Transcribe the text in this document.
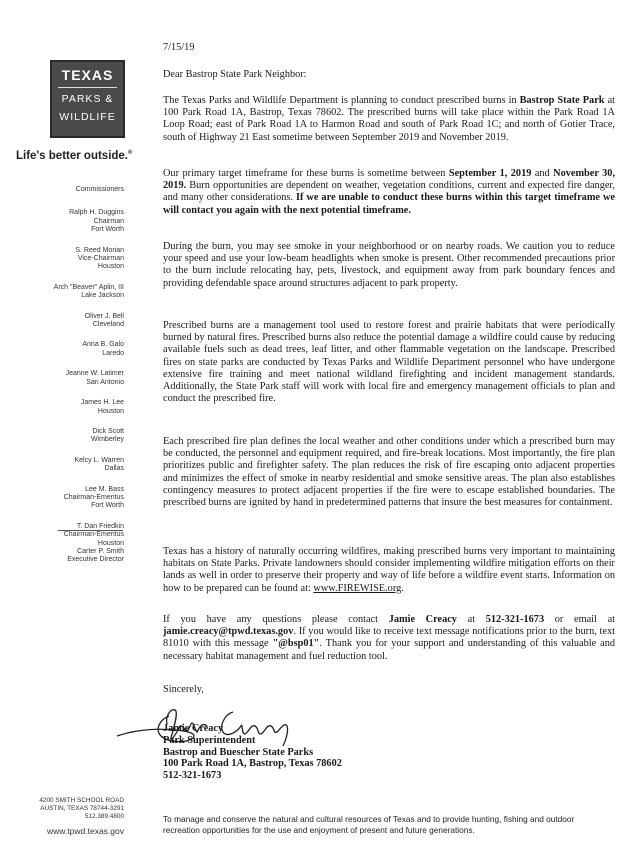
TEXAS
PARKS &
WILDLIFE
Life's better outside.®
Commissioners
Ralph H. Duggins
Chairman
Fort Worth
S. Reed Morian
Vice-Chairman
Houston
Arch "Beaver" Aplin, III
Lake Jackson
Oliver J. Bell
Cleveland
Anna B. Galo
Laredo
Jeanne W. Latimer
San Antonio
James H. Lee
Houston
Dick Scott
Wimberley
Kelcy L. Warren
Dallas
Lee M. Bass
Chairman-Emeritus
Fort Worth
T. Dan Friedkin
Chairman-Emeritus
Houston
Carter P. Smith
Executive Director
4200 SMITH SCHOOL ROAD
AUSTIN, TEXAS 78744-3291
512.389.4800
www.tpwd.texas.gov
7/15/19
Dear Bastrop State Park Neighbor:

The Texas Parks and Wildlife Department is planning to conduct prescribed burns in Bastrop State Park at 100 Park Road 1A, Bastrop, Texas 78602. The prescribed burns will take place within the Park Road 1A Loop Road; east of Park Road 1A to Harmon Road and south of Park Road 1C; and north of Gotier Trace, south of Highway 21 East sometime between September 2019 and November 2019.

Our primary target timeframe for these burns is sometime between September 1, 2019 and November 30, 2019. Burn opportunities are dependent on weather, vegetation conditions, current and expected fire danger, and many other considerations. If we are unable to conduct these burns within this target timeframe we will contact you again with the next potential timeframe.

During the burn, you may see smoke in your neighborhood or on nearby roads. We caution you to reduce your speed and use your low-beam headlights when smoke is present. Other recommended precautions prior to the burn include relocating hay, pets, livestock, and equipment away from park boundary fences and providing defendable space around structures adjacent to park property.

Prescribed burns are a management tool used to restore forest and prairie habitats that were periodically burned by natural fires. Prescribed burns also reduce the potential damage a wildfire could cause by reducing available fuels such as dead trees, leaf litter, and other flammable vegetation on the landscape. Prescribed fires on state parks are conducted by Texas Parks and Wildlife Department personnel who have undergone extensive fire training and meet national wildland firefighting and incident management standards. Additionally, the State Park staff will work with local fire and emergency management officials to plan and conduct the prescribed fire.

Each prescribed fire plan defines the local weather and other conditions under which a prescribed burn may be conducted, the personnel and equipment required, and fire-break locations. Most importantly, the fire plan prioritizes public and firefighter safety. The plan reduces the risk of fire escaping onto adjacent properties and minimizes the effect of smoke in nearby residential and smoke sensitive areas. The plan also establishes contingency measures to protect adjacent properties if the fire were to escape established boundaries. The prescribed burns are ignited by hand in predetermined patterns that insure the best measures for containment.

Texas has a history of naturally occurring wildfires, making prescribed burns very important to maintaining habitats on State Parks. Private landowners should consider implementing wildfire mitigation efforts on their lands as well in order to preserve their property and way of life before a wildfire event starts. Information on how to be prepared can be found at: www.FIREWISE.org.

If you have any questions please contact Jamie Creacy at 512-321-1673 or email at jamie.creacy@tpwd.texas.gov. If you would like to receive text message notifications prior to the burn, text 81010 with this message "@bsp01". Thank you for your support and understanding of this valuable and necessary habitat management and fuel reduction tool.

Sincerely,
Jamie Creacy
Park Superintendent
Bastrop and Buescher State Parks
100 Park Road 1A, Bastrop, Texas 78602
512-321-1673
To manage and conserve the natural and cultural resources of Texas and to provide hunting, fishing and outdoor recreation opportunities for the use and enjoyment of present and future generations.
